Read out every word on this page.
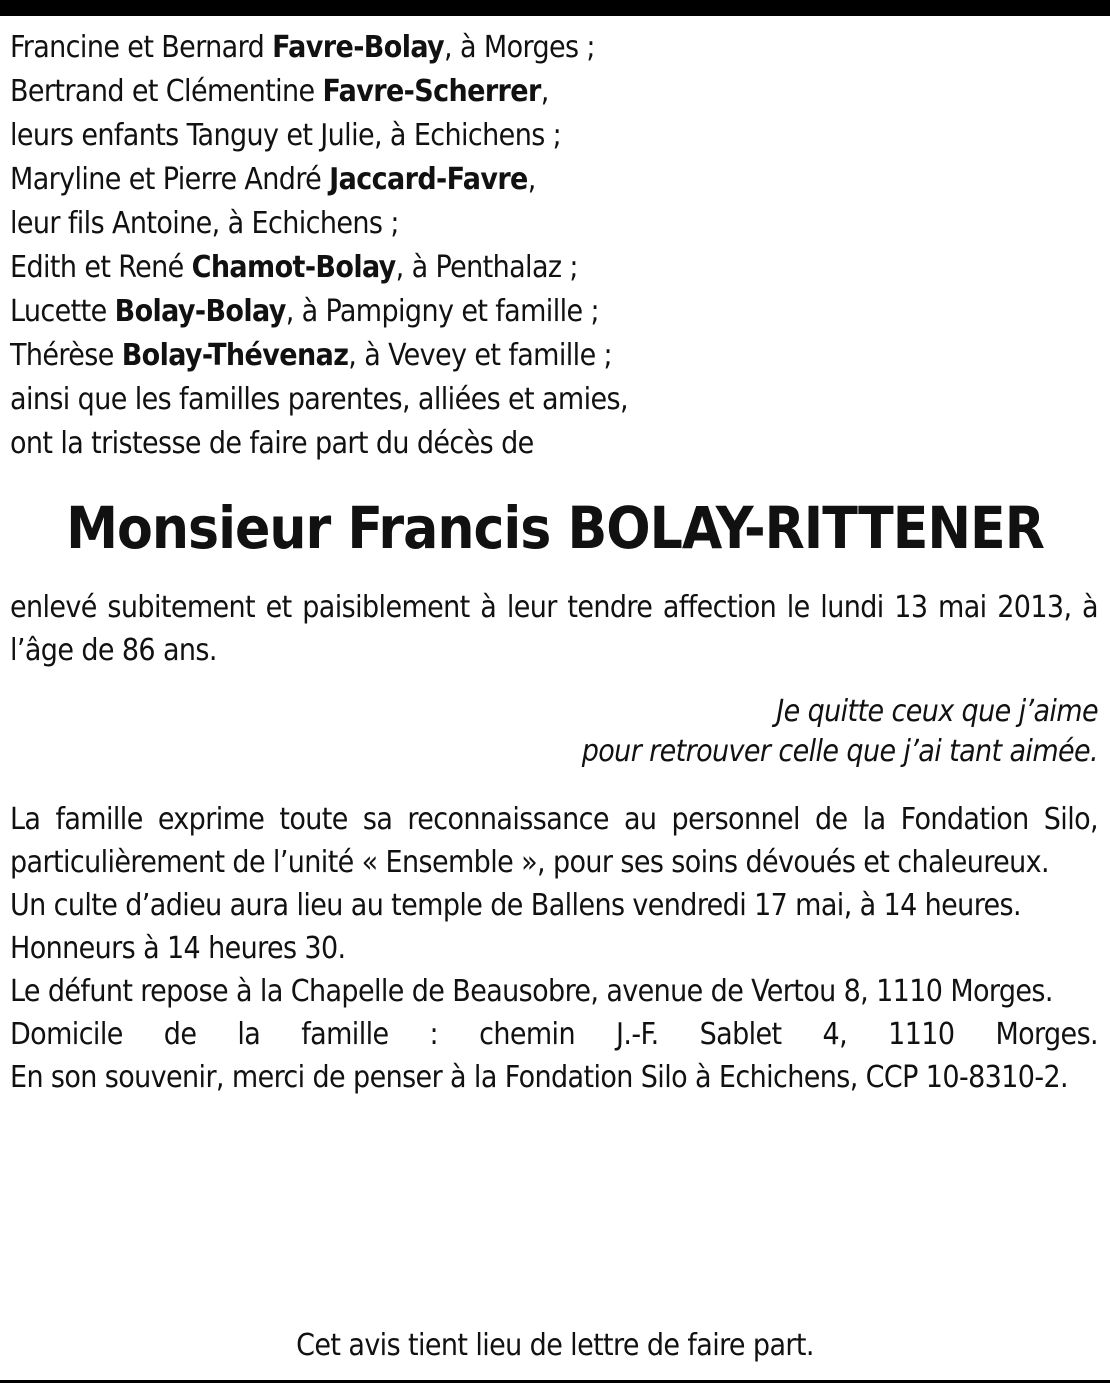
Francine et Bernard Favre-Bolay, à Morges ;
Bertrand et Clémentine Favre-Scherrer,
leurs enfants Tanguy et Julie, à Echichens ;
Maryline et Pierre André Jaccard-Favre,
leur fils Antoine, à Echichens ;
Edith et René Chamot-Bolay, à Penthalaz ;
Lucette Bolay-Bolay, à Pampigny et famille ;
Thérèse Bolay-Thévenaz, à Vevey et famille ;
ainsi que les familles parentes, alliées et amies,
ont la tristesse de faire part du décès de
Monsieur Francis BOLAY-RITTENER
enlevé subitement et paisiblement à leur tendre affection le lundi 13 mai 2013, à l’âge de 86 ans.
Je quitte ceux que j’aime
pour retrouver celle que j’ai tant aimée.

La famille exprime toute sa reconnaissance au personnel de la Fondation Silo, particulièrement de l’unité « Ensemble », pour ses soins dévoués et chaleureux.

Un culte d’adieu aura lieu au temple de Ballens vendredi 17 mai, à 14 heures.

Honneurs à 14 heures 30.

Le défunt repose à la Chapelle de Beausobre, avenue de Vertou 8, 1110 Morges.

Domicile de la famille : chemin J.-F. Sablet 4, 1110 Morges.

En son souvenir, merci de penser à la Fondation Silo à Echichens, CCP 10-8310-2.

Cet avis tient lieu de lettre de faire part.
